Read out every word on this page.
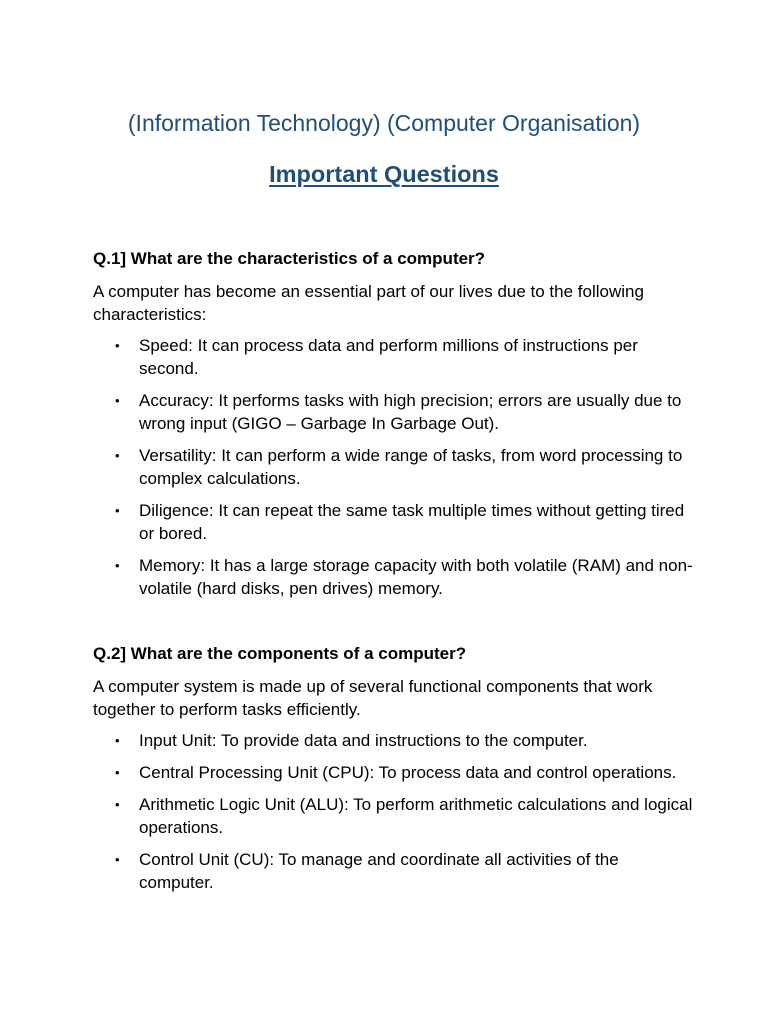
(Information Technology) (Computer Organisation)
Important Questions

Q.1] What are the characteristics of a computer?

A computer has become an essential part of our lives due to the following characteristics:

• Speed: It can process data and perform millions of instructions per second.
• Accuracy: It performs tasks with high precision; errors are usually due to wrong input (GIGO – Garbage In Garbage Out).
• Versatility: It can perform a wide range of tasks, from word processing to complex calculations.
• Diligence: It can repeat the same task multiple times without getting tired or bored.
• Memory: It has a large storage capacity with both volatile (RAM) and non-volatile (hard disks, pen drives) memory.

Q.2] What are the components of a computer?

A computer system is made up of several functional components that work together to perform tasks efficiently.

• Input Unit: To provide data and instructions to the computer.
• Central Processing Unit (CPU): To process data and control operations.
• Arithmetic Logic Unit (ALU): To perform arithmetic calculations and logical operations.
• Control Unit (CU): To manage and coordinate all activities of the computer.
